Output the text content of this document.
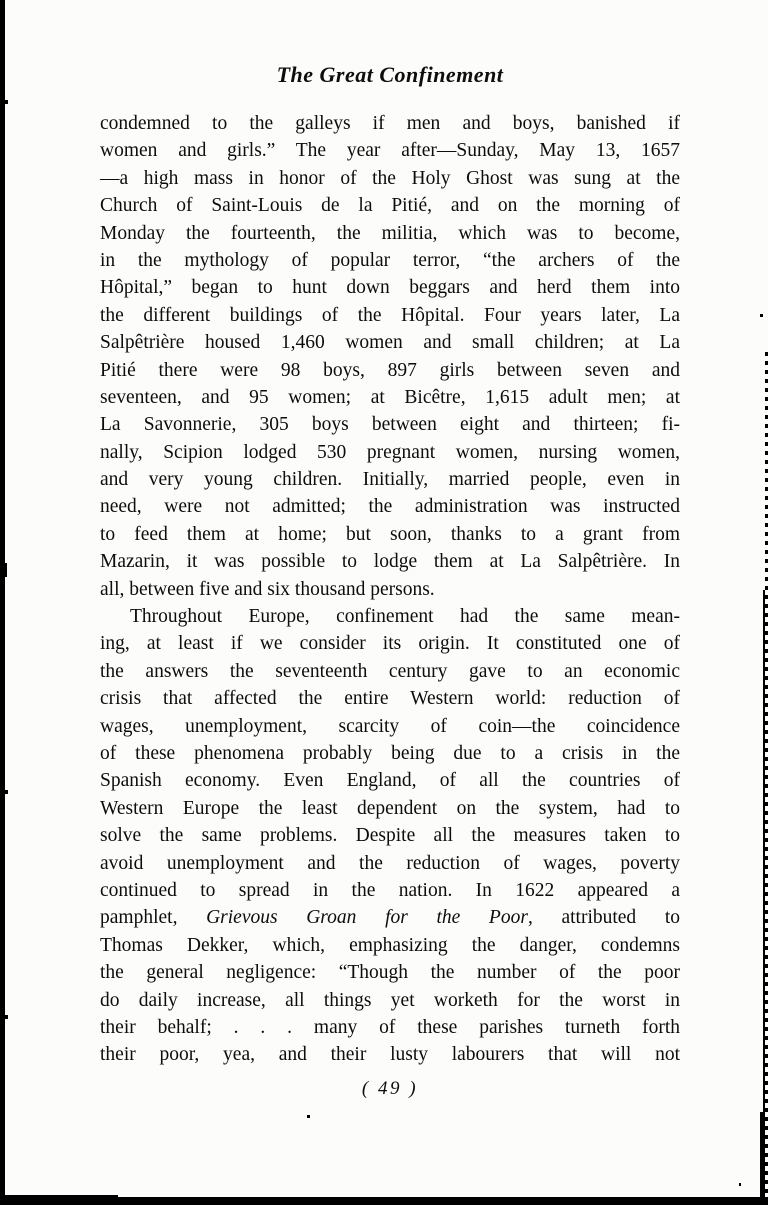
The Great Confinement
condemned to the galleys if men and boys, banished if
women and girls.” The year after—Sunday, May 13, 1657
—a high mass in honor of the Holy Ghost was sung at the
Church of Saint-Louis de la Pitié, and on the morning of
Monday the fourteenth, the militia, which was to become,
in the mythology of popular terror, “the archers of the
Hôpital,” began to hunt down beggars and herd them into
the different buildings of the Hôpital. Four years later, La
Salpêtrière housed 1,460 women and small children; at La
Pitié there were 98 boys, 897 girls between seven and
seventeen, and 95 women; at Bicêtre, 1,615 adult men; at
La Savonnerie, 305 boys between eight and thirteen; fi-
nally, Scipion lodged 530 pregnant women, nursing women,
and very young children. Initially, married people, even in
need, were not admitted; the administration was instructed
to feed them at home; but soon, thanks to a grant from
Mazarin, it was possible to lodge them at La Salpêtrière. In
all, between five and six thousand persons.
Throughout Europe, confinement had the same mean-
ing, at least if we consider its origin. It constituted one of
the answers the seventeenth century gave to an economic
crisis that affected the entire Western world: reduction of
wages, unemployment, scarcity of coin—the coincidence
of these phenomena probably being due to a crisis in the
Spanish economy. Even England, of all the countries of
Western Europe the least dependent on the system, had to
solve the same problems. Despite all the measures taken to
avoid unemployment and the reduction of wages, poverty
continued to spread in the nation. In 1622 appeared a
pamphlet, Grievous Groan for the Poor, attributed to
Thomas Dekker, which, emphasizing the danger, condemns
the general negligence: “Though the number of the poor
do daily increase, all things yet worketh for the worst in
their behalf; . . . many of these parishes turneth forth
their poor, yea, and their lusty labourers that will not
( 49 )
